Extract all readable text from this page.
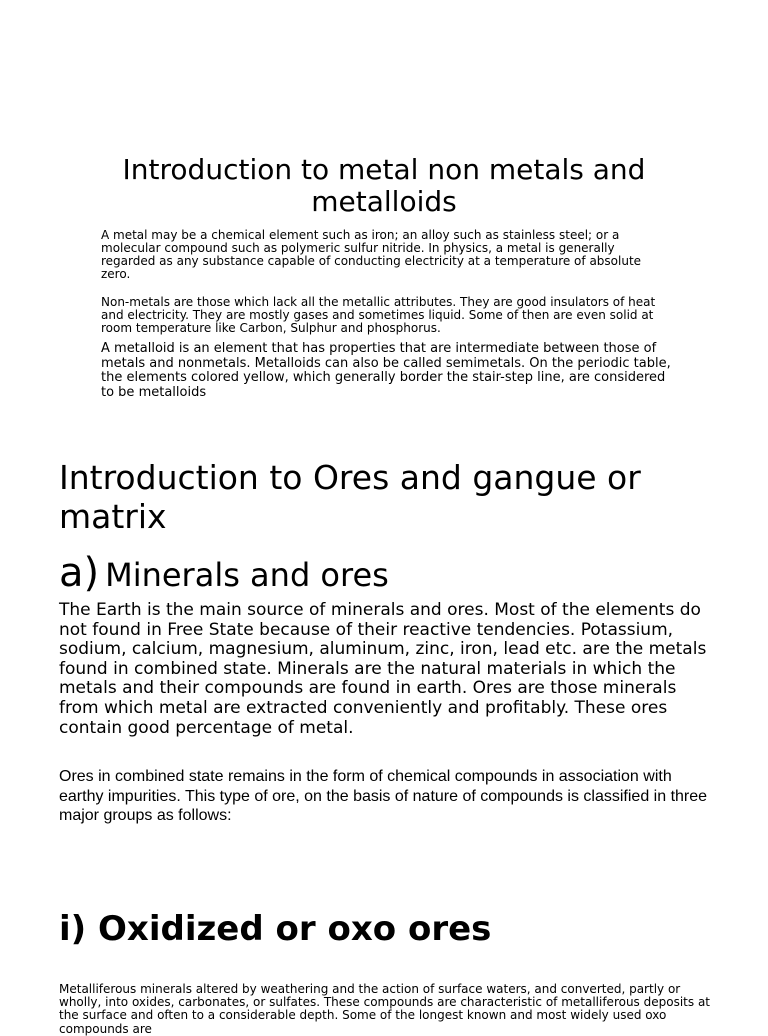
Introduction to metal non metals and metalloids

A metal may be a chemical element such as iron; an alloy such as stainless steel; or a molecular compound such as polymeric sulfur nitride. In physics, a metal is generally regarded as any substance capable of conducting electricity at a temperature of absolute zero.

Non-metals are those which lack all the metallic attributes. They are good insulators of heat and electricity. They are mostly gases and sometimes liquid. Some of then are even solid at room temperature like Carbon, Sulphur and phosphorus.

A metalloid is an element that has properties that are intermediate between those of metals and nonmetals. Metalloids can also be called semimetals. On the periodic table, the elements colored yellow, which generally border the stair-step line, are considered to be metalloids

Introduction to Ores and gangue or matrix
a) Minerals and ores

The Earth is the main source of minerals and ores. Most of the elements do not found in Free State because of their reactive tendencies. Potassium, sodium, calcium, magnesium, aluminum, zinc, iron, lead etc. are the metals found in combined state. Minerals are the natural materials in which the metals and their compounds are found in earth. Ores are those minerals from which metal are extracted conveniently and profitably. These ores contain good percentage of metal.

Ores in combined state remains in the form of chemical compounds in association with earthy impurities. This type of ore, on the basis of nature of compounds is classified in three major groups as follows:

i) Oxidized or oxo ores

Metalliferous minerals altered by weathering and the action of surface waters, and converted, partly or wholly, into oxides, carbonates, or sulfates. These compounds are characteristic of metalliferous deposits at the surface and often to a considerable depth. Some of the longest known and most widely used oxo compounds are
